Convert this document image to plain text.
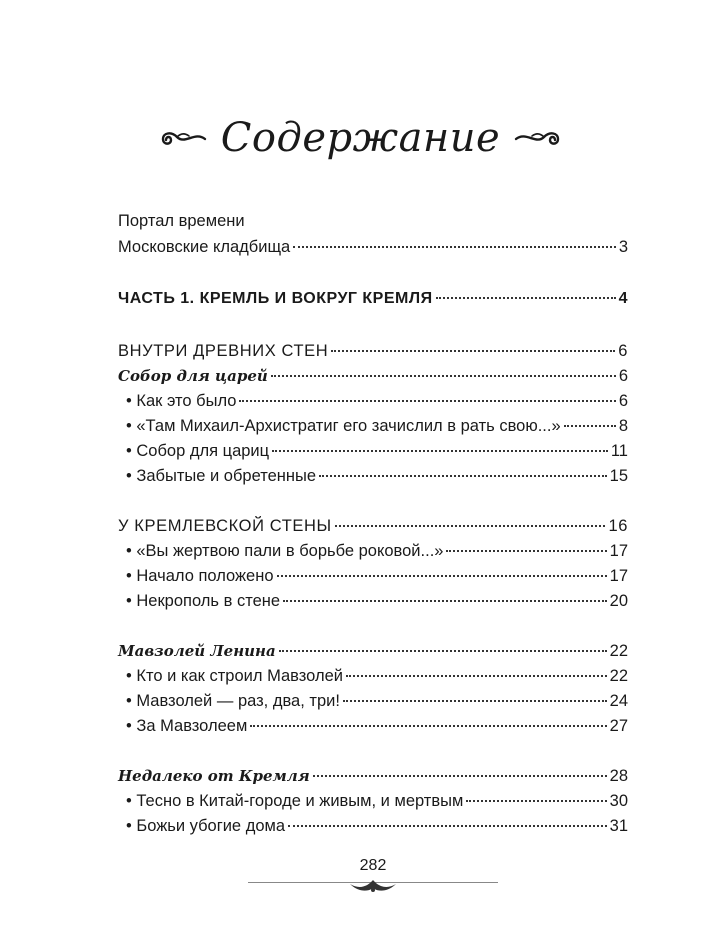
Содержание
Портал времени
Московские кладбища	3
ЧАСТЬ 1. КРЕМЛЬ И ВОКРУГ КРЕМЛЯ	4
ВНУТРИ ДРЕВНИХ СТЕН	6
Собор для царей	6
• Как это было	6
• «Там Михаил-Архистратиг его зачислил в рать свою...»	8
• Собор для цариц	11
• Забытые и обретенные	15
У КРЕМЛЕВСКОЙ СТЕНЫ	16
• «Вы жертвою пали в борьбе роковой...»	17
• Начало положено	17
• Некрополь в стене	20
Мавзолей Ленина	22
• Кто и как строил Мавзолей	22
• Мавзолей — раз, два, три!	24
• За Мавзолеем	27
Недалеко от Кремля	28
• Тесно в Китай-городе и живым, и мертвым	30
• Божьи убогие дома	31
282
